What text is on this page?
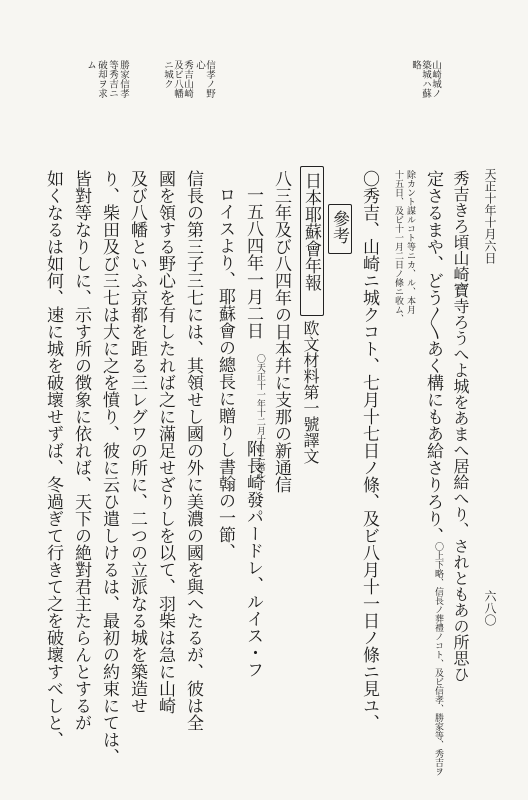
天正十年十月六日
六八〇
山崎城ノ
築城ハ蘇
略
信孝ノ野
心
秀吉山崎
及ビ八幡
ニ城ク
勝家信孝
等秀吉ニ
破却ヲ求
ム
秀吉きろ頃山崎寶寺ろうへよ城をあまへ居給へり、されともあの所思ひ
定さるまや、どう〳〵あく構にもあ給さりろり、
〇上下略、信長ノ葬禮ノコト、及ビ信孝、勝家等、秀吉ヲ
除カント謀ルコト等ニカ、ル、本月
十五日、及ビ十一月二日ノ條ニ收ム、
〇秀吉、山崎ニ城クコト、七月十七日ノ條、及ビ八月十一日ノ條ニ見ユ、
參考
日本耶蘇會年報
欧文材料第一號譯文
八三年及び八四年の日本幷に支那の新通信
一五八四年一月二日
〇天正十一年十二月十日ニ當ル、
附長崎發パードレ、ルイス・フ
ロイスより、耶蘇會の總長に贈りし書翰の一節、
信長の第三子三七には、其領せし國の外に美濃の國を與へたるが、彼は全
國を領する野心を有したれば之に滿足せざりしを以て、羽柴は急に山崎
及び八幡といふ京都を距る三レグワの所に、二つの立派なる城を築造せ
り、柴田及び三七は大に之を憤り、彼に云ひ遣しけるは、最初の約束にては、
皆對等なりしに、示す所の徴象に依れば、天下の絶對君主たらんとするが
如くなるは如何、速に城を破壞せずば、冬過ぎて行きて之を破壞すべしと、
